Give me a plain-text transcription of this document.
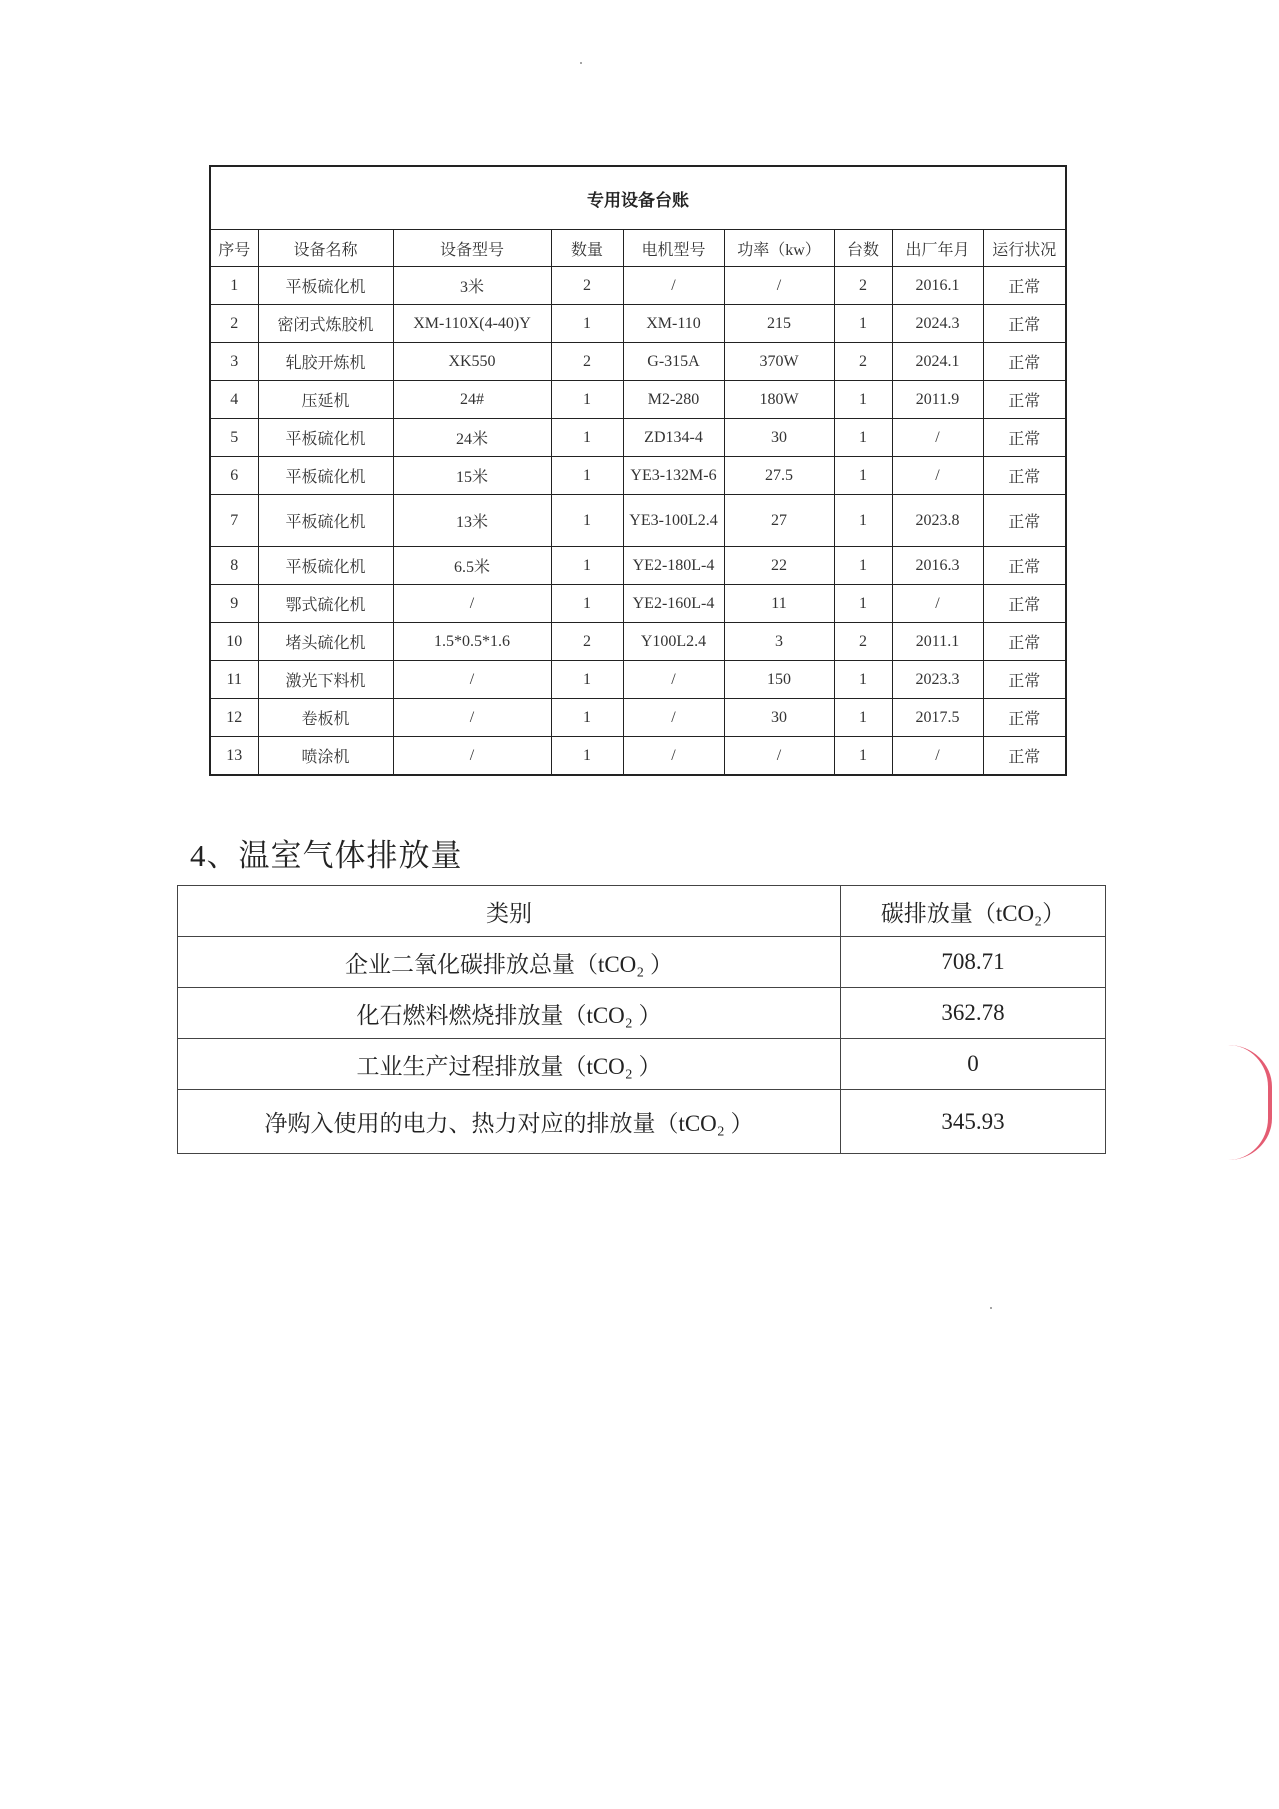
专用设备台账								
序号	设备名称	设备型号	数量	电机型号	功率（kw）	台数	出厂年月	运行状况
1	平板硫化机	3米	2	/	/	2	2016.1	正常
2	密闭式炼胶机	XM-110X(4-40)Y	1	XM-110	215	1	2024.3	正常
3	轧胶开炼机	XK550	2	G-315A	370W	2	2024.1	正常
4	压延机	24#	1	M2-280	180W	1	2011.9	正常
5	平板硫化机	24米	1	ZD134-4	30	1	/	正常
6	平板硫化机	15米	1	YE3-132M-6	27.5	1	/	正常
7	平板硫化机	13米	1	YE3-100L2.4	27	1	2023.8	正常
8	平板硫化机	6.5米	1	YE2-180L-4	22	1	2016.3	正常
9	鄂式硫化机	/	1	YE2-160L-4	11	1	/	正常
10	堵头硫化机	1.5*0.5*1.6	2	Y100L2.4	3	2	2011.1	正常
11	激光下料机	/	1	/	150	1	2023.3	正常
12	卷板机	/	1	/	30	1	2017.5	正常
13	喷涂机	/	1	/	/	1	/	正常
4、温室气体排放量
类别	碳排放量（tCO₂）
企业二氧化碳排放总量（tCO₂ ）	708.71
化石燃料燃烧排放量（tCO₂ ）	362.78
工业生产过程排放量（tCO₂ ）	0
净购入使用的电力、热力对应的排放量（tCO₂ ）	345.93
